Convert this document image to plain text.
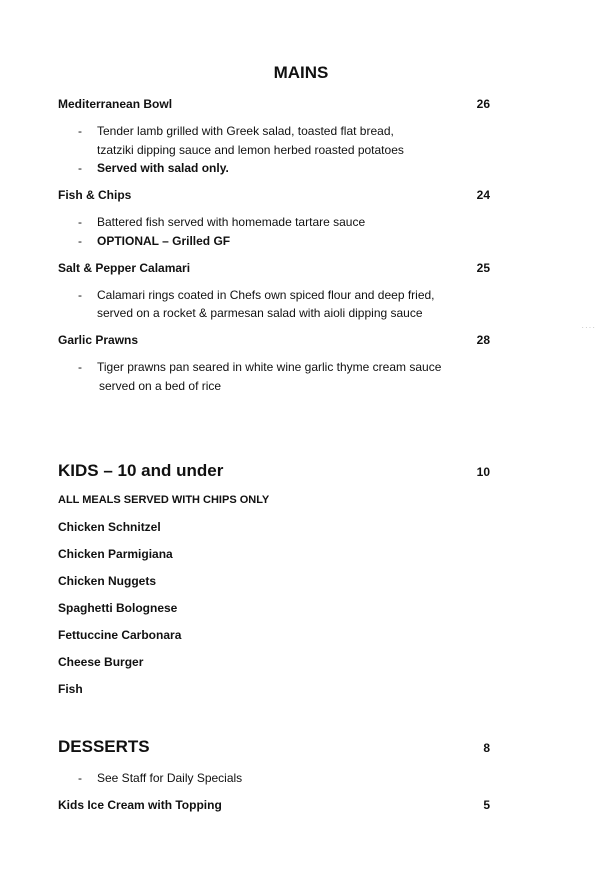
MAINS
Mediterranean Bowl	26
- Tender lamb grilled with Greek salad, toasted flat bread,
tzatziki dipping sauce and lemon herbed roasted potatoes
- Served with salad only.
Fish & Chips	24
- Battered fish served with homemade tartare sauce
- OPTIONAL – Grilled GF
Salt & Pepper Calamari	25
- Calamari rings coated in Chefs own spiced flour and deep fried,
served on a rocket & parmesan salad with aioli dipping sauce
Garlic Prawns	28
- Tiger prawns pan seared in white wine garlic thyme cream sauce
served on a bed of rice
KIDS – 10 and under	10
ALL MEALS SERVED WITH CHIPS ONLY
Chicken Schnitzel
Chicken Parmigiana
Chicken Nuggets
Spaghetti Bolognese
Fettuccine Carbonara
Cheese Burger
Fish
DESSERTS	8
- See Staff for Daily Specials
Kids Ice Cream with Topping	5
····
